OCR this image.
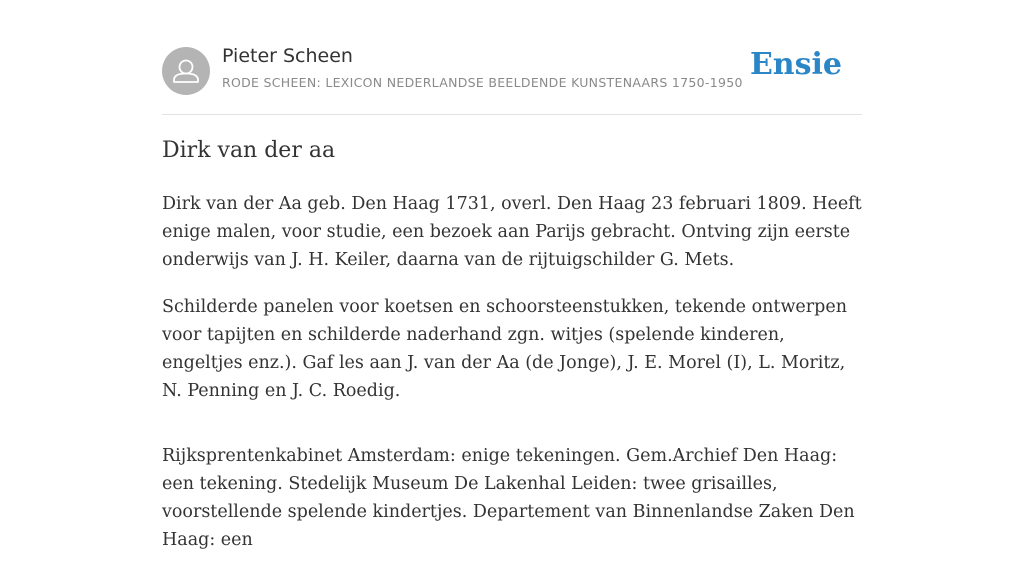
Pieter Scheen
RODE SCHEEN: LEXICON NEDERLANDSE BEELDENDE KUNSTENAARS 1750-1950
Ensie
Dirk van der aa

Dirk van der Aa geb. Den Haag 1731, overl. Den Haag 23 februari 1809. Heeft enige malen, voor studie, een bezoek aan Parijs gebracht. Ontving zijn eerste onderwijs van J. H. Keiler, daarna van de rijtuigschilder G. Mets.

Schilderde panelen voor koetsen en schoorsteenstukken, tekende ontwerpen voor tapijten en schilderde naderhand zgn. witjes (spelende kinderen, engeltjes enz.). Gaf les aan J. van der Aa (de Jonge), J. E. Morel (I), L. Moritz, N. Penning en J. C. Roedig.

Rijksprentenkabinet Amsterdam: enige tekeningen. Gem.Archief Den Haag: een tekening. Stedelijk Museum De Lakenhal Leiden: twee grisailles, voorstellende spelende kindertjes. Departement van Binnenlandse Zaken Den Haag: een
